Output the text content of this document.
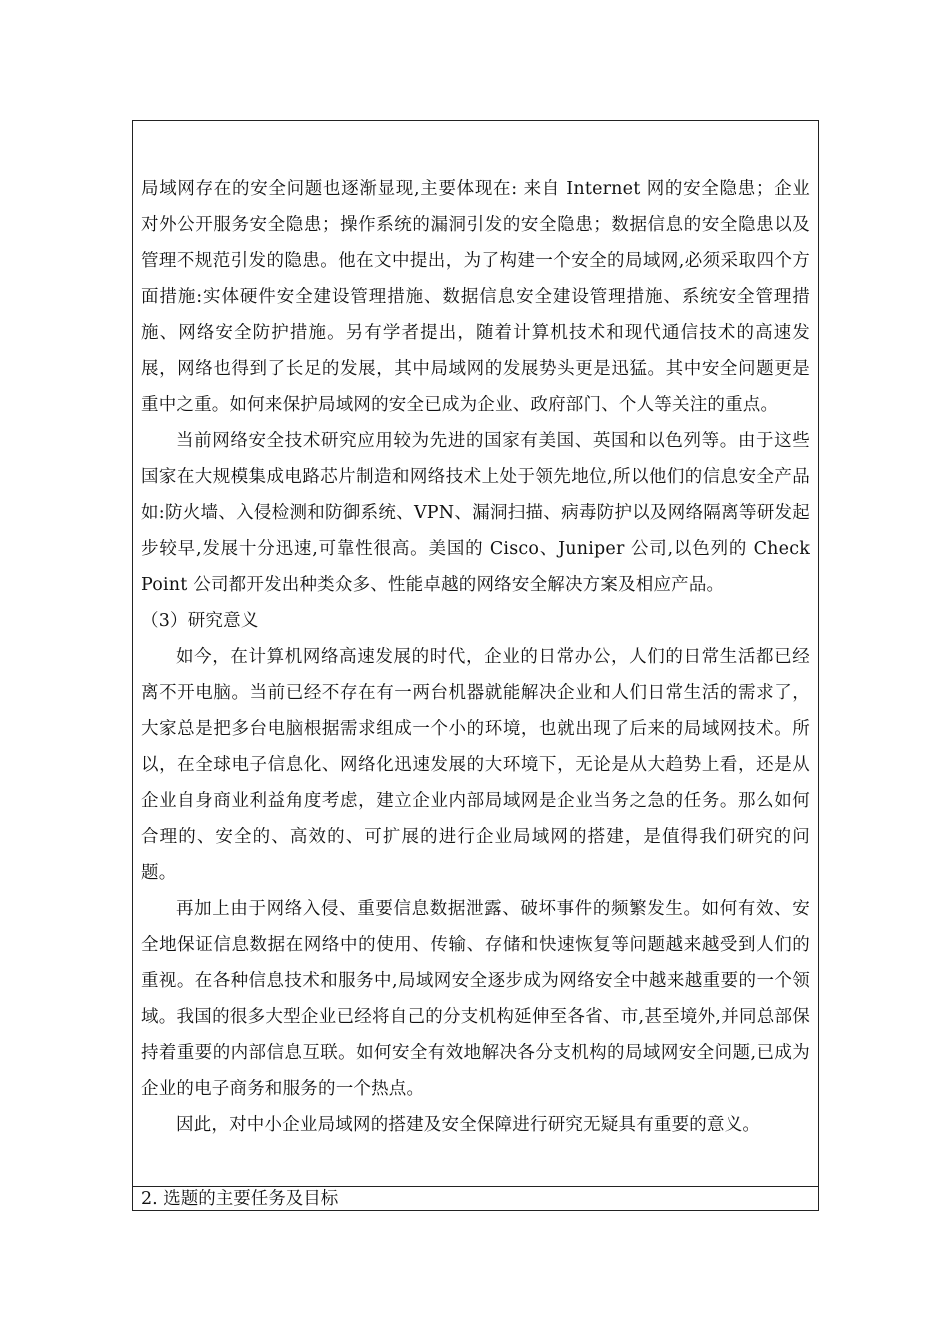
局域网存在的安全问题也逐渐显现,主要体现在: 来自 Internet 网的安全隐患；企业对外公开服务安全隐患；操作系统的漏洞引发的安全隐患；数据信息的安全隐患以及管理不规范引发的隐患。他在文中提出，为了构建一个安全的局域网,必须采取四个方面措施:实体硬件安全建设管理措施、数据信息安全建设管理措施、系统安全管理措施、网络安全防护措施。另有学者提出，随着计算机技术和现代通信技术的高速发展，网络也得到了长足的发展，其中局域网的发展势头更是迅猛。其中安全问题更是重中之重。如何来保护局域网的安全已成为企业、政府部门、个人等关注的重点。

当前网络安全技术研究应用较为先进的国家有美国、英国和以色列等。由于这些国家在大规模集成电路芯片制造和网络技术上处于领先地位,所以他们的信息安全产品如:防火墙、入侵检测和防御系统、VPN、漏洞扫描、病毒防护以及网络隔离等研发起步较早,发展十分迅速,可靠性很高。美国的 Cisco、Juniper 公司,以色列的 Check Point 公司都开发出种类众多、性能卓越的网络安全解决方案及相应产品。

（3）研究意义

如今，在计算机网络高速发展的时代，企业的日常办公，人们的日常生活都已经离不开电脑。当前已经不存在有一两台机器就能解决企业和人们日常生活的需求了，大家总是把多台电脑根据需求组成一个小的环境，也就出现了后来的局域网技术。所以，在全球电子信息化、网络化迅速发展的大环境下，无论是从大趋势上看，还是从企业自身商业利益角度考虑，建立企业内部局域网是企业当务之急的任务。那么如何合理的、安全的、高效的、可扩展的进行企业局域网的搭建，是值得我们研究的问题。

再加上由于网络入侵、重要信息数据泄露、破坏事件的频繁发生。如何有效、安全地保证信息数据在网络中的使用、传输、存储和快速恢复等问题越来越受到人们的重视。在各种信息技术和服务中,局域网安全逐步成为网络安全中越来越重要的一个领域。我国的很多大型企业已经将自己的分支机构延伸至各省、市,甚至境外,并同总部保持着重要的内部信息互联。如何安全有效地解决各分支机构的局域网安全问题,已成为企业的电子商务和服务的一个热点。

因此，对中小企业局域网的搭建及安全保障进行研究无疑具有重要的意义。

2. 选题的主要任务及目标
